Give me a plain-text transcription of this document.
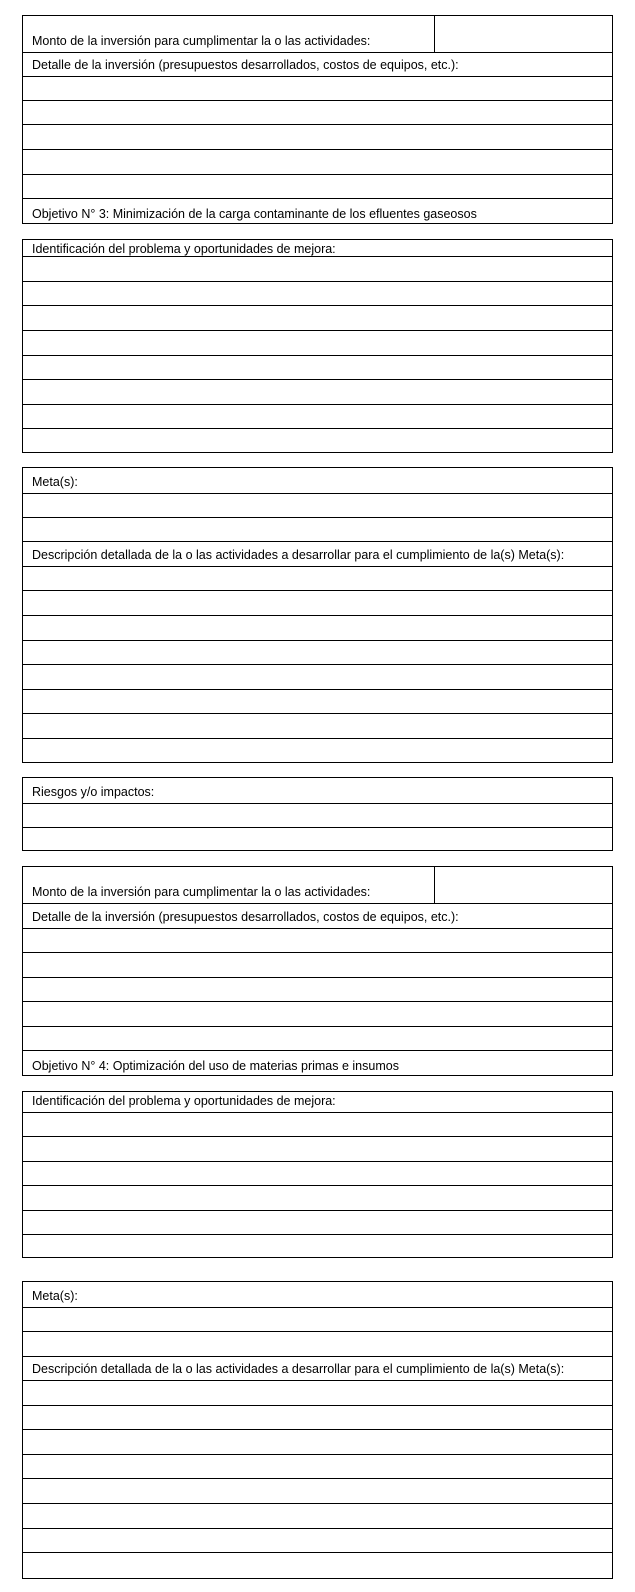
Monto de la inversión para cumplimentar la o las actividades:
Detalle de la inversión (presupuestos desarrollados, costos de equipos, etc.):
Objetivo N° 3: Minimización de la carga contaminante de los efluentes gaseosos
Identificación del problema y oportunidades de mejora:
Meta(s):
Descripción detallada de la o las actividades a desarrollar para el cumplimiento de la(s) Meta(s):
Riesgos y/o impactos:
Monto de la inversión para cumplimentar la o las actividades:
Detalle de la inversión (presupuestos desarrollados, costos de equipos, etc.):
Objetivo N° 4: Optimización del uso de materias primas e insumos
Identificación del problema y oportunidades de mejora:
Meta(s):
Descripción detallada de la o las actividades a desarrollar para el cumplimiento de la(s) Meta(s):
